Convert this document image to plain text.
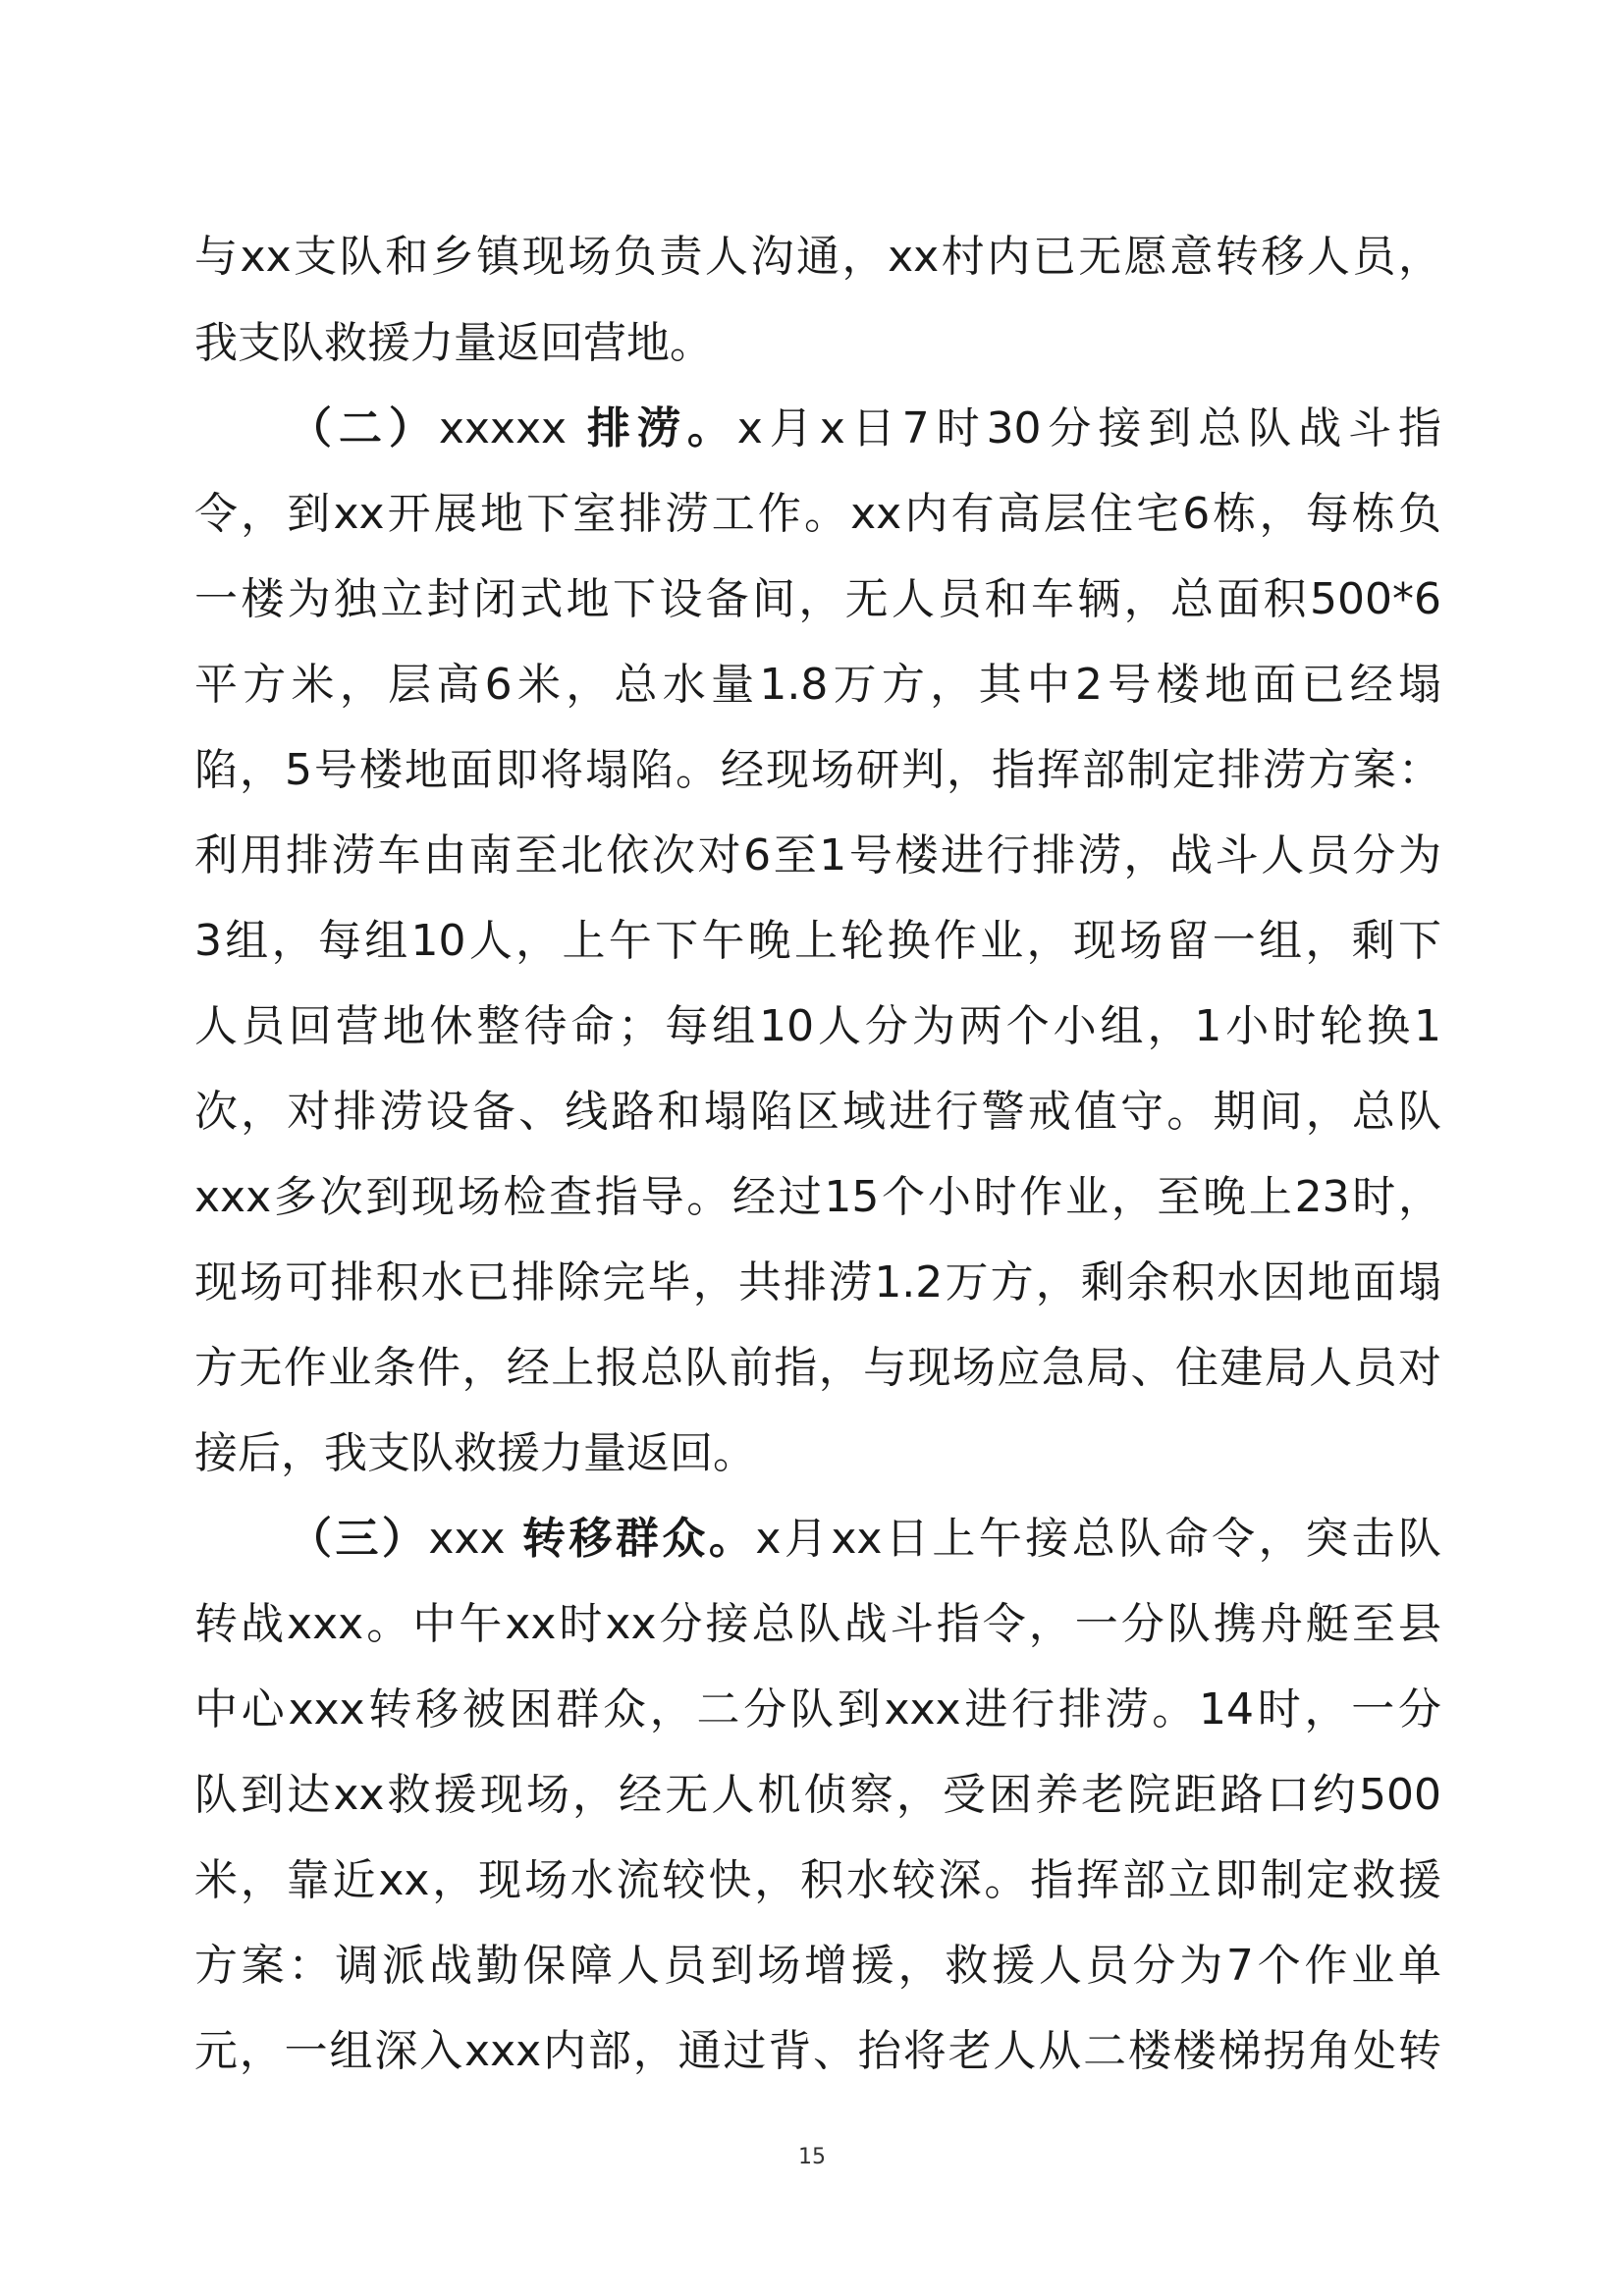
与xx支队和乡镇现场负责人沟通，xx村内已无愿意转移人员，
我支队救援力量返回营地。
（二）xxxxx 排涝。x月x日7时30分接到总队战斗指
令，到xx开展地下室排涝工作。xx内有高层住宅6栋，每栋负
一楼为独立封闭式地下设备间，无人员和车辆，总面积500*6
平方米，层高6米，总水量1.8万方，其中2号楼地面已经塌
陷，5号楼地面即将塌陷。经现场研判，指挥部制定排涝方案：
利用排涝车由南至北依次对6至1号楼进行排涝，战斗人员分为
3组，每组10人，上午下午晚上轮换作业，现场留一组，剩下
人员回营地休整待命；每组10人分为两个小组，1小时轮换1
次，对排涝设备、线路和塌陷区域进行警戒值守。期间，总队
xxx多次到现场检查指导。经过15个小时作业，至晚上23时，
现场可排积水已排除完毕，共排涝1.2万方，剩余积水因地面塌
方无作业条件，经上报总队前指，与现场应急局、住建局人员对
接后，我支队救援力量返回。
（三）xxx 转移群众。x月xx日上午接总队命令，突击队
转战xxx。中午xx时xx分接总队战斗指令，一分队携舟艇至县
中心xxx转移被困群众，二分队到xxx进行排涝。14时，一分
队到达xx救援现场，经无人机侦察，受困养老院距路口约500
米，靠近xx，现场水流较快，积水较深。指挥部立即制定救援
方案：调派战勤保障人员到场增援，救援人员分为7个作业单
元，一组深入xxx内部，通过背、抬将老人从二楼楼梯拐角处转
15
